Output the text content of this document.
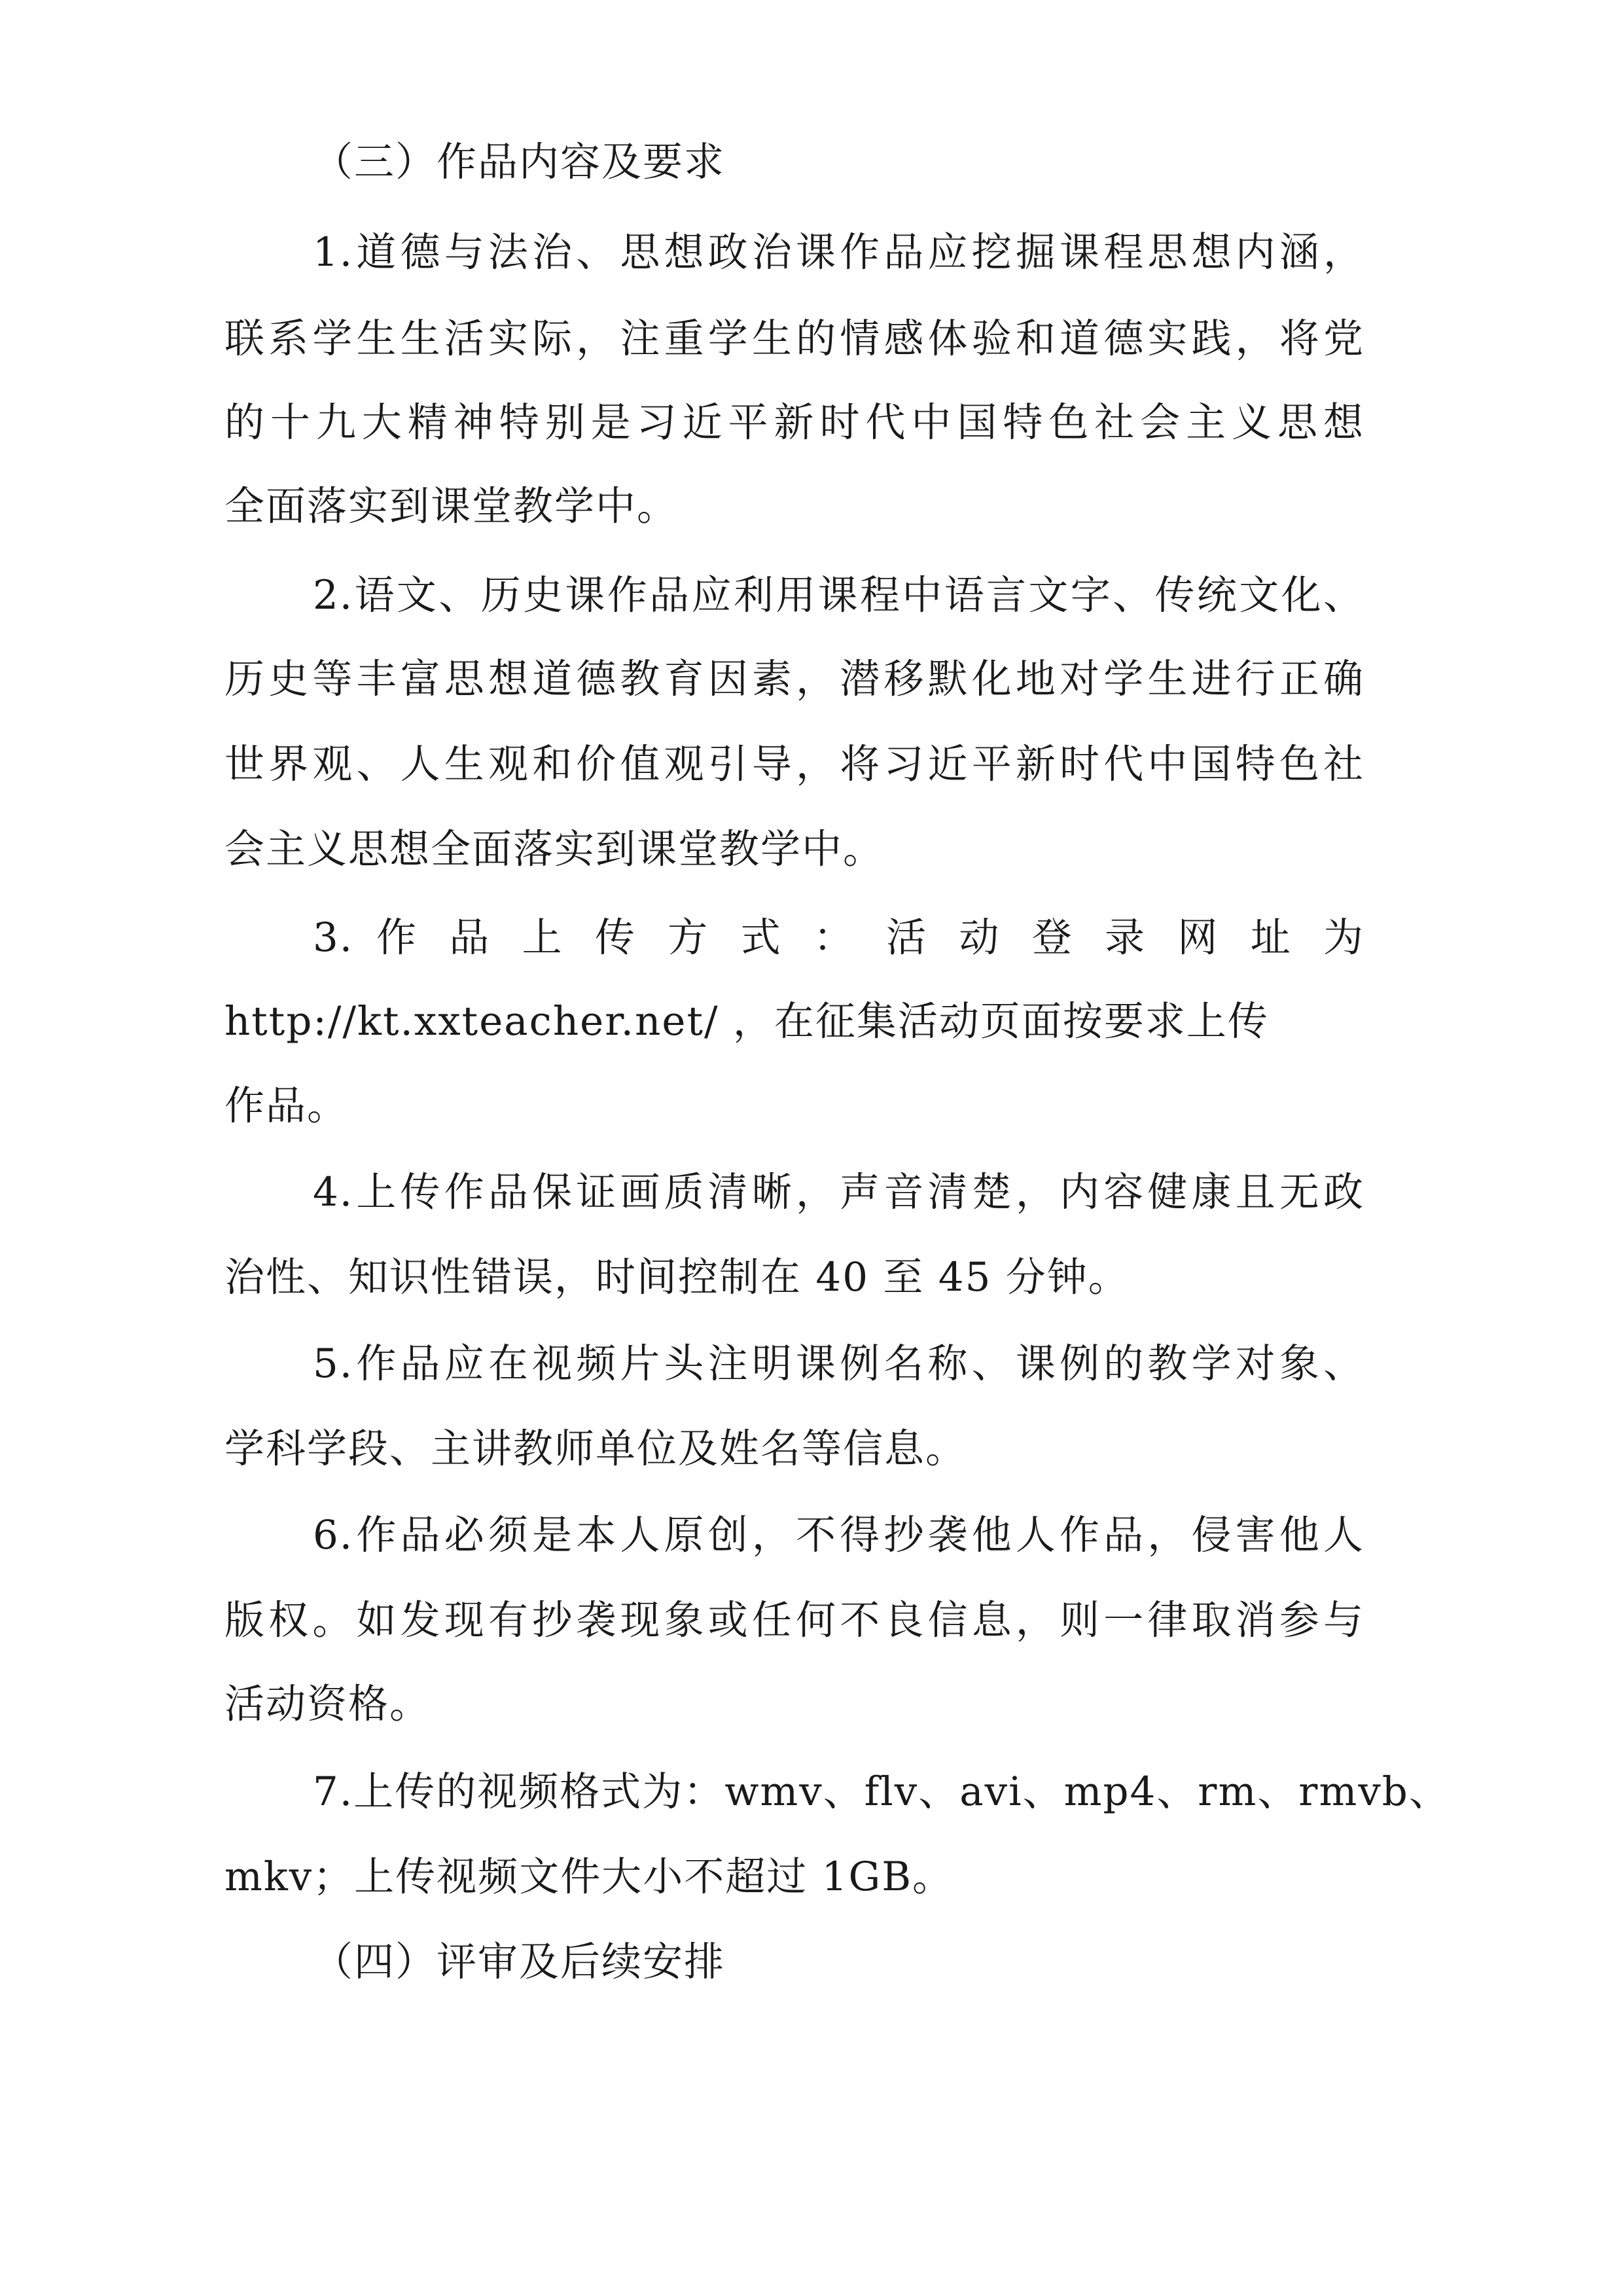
（三）作品内容及要求
1.道德与法治、思想政治课作品应挖掘课程思想内涵，
联系学生生活实际，注重学生的情感体验和道德实践，将党
的十九大精神特别是习近平新时代中国特色社会主义思想
全面落实到课堂教学中。
2.语文、历史课作品应利用课程中语言文字、传统文化、
历史等丰富思想道德教育因素，潜移默化地对学生进行正确
世界观、人生观和价值观引导，将习近平新时代中国特色社
会主义思想全面落实到课堂教学中。
3. 作 品 上 传 方 式 ： 活 动 登 录 网 址 为
http://kt.xxteacher.net/ ，在征集活动页面按要求上传
作品。
4.上传作品保证画质清晰，声音清楚，内容健康且无政
治性、知识性错误，时间控制在 40 至 45 分钟。
5.作品应在视频片头注明课例名称、课例的教学对象、
学科学段、主讲教师单位及姓名等信息。
6.作品必须是本人原创，不得抄袭他人作品，侵害他人
版权。如发现有抄袭现象或任何不良信息，则一律取消参与
活动资格。
7.上传的视频格式为：wmv、flv、avi、mp4、rm、rmvb、
mkv；上传视频文件大小不超过 1GB。
（四）评审及后续安排
